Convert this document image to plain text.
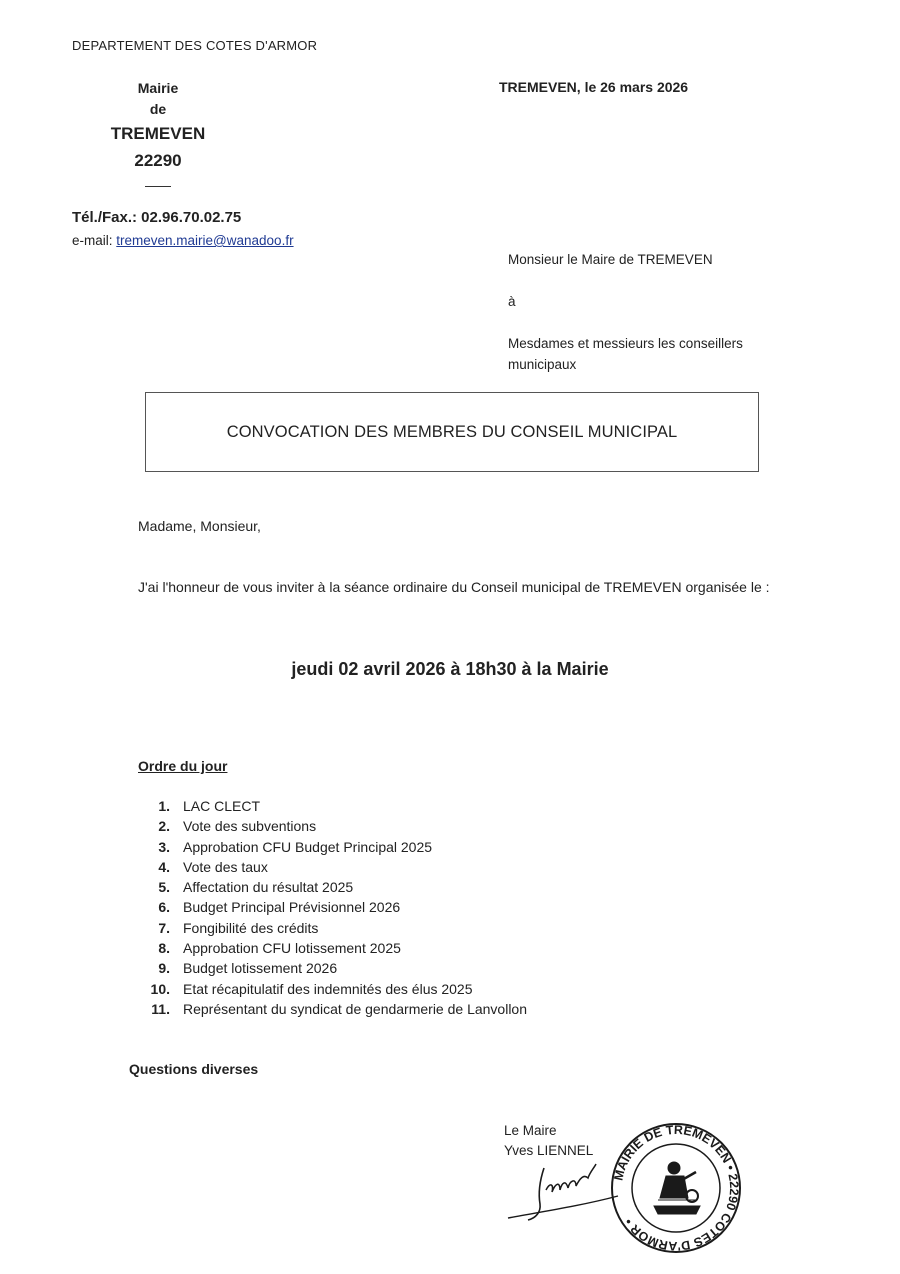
DEPARTEMENT DES COTES D'ARMOR
Mairie
de
TREMEVEN
22290
Tél./Fax.: 02.96.70.02.75
e-mail: tremeven.mairie@wanadoo.fr
TREMEVEN, le 26 mars 2026
Monsieur le Maire de TREMEVEN
à
Mesdames et messieurs les conseillers municipaux
CONVOCATION DES MEMBRES DU CONSEIL MUNICIPAL
Madame, Monsieur,
J'ai l'honneur de vous inviter à la séance ordinaire du Conseil municipal de TREMEVEN organisée le :
jeudi 02 avril 2026 à 18h30 à la Mairie
Ordre du jour
1. LAC CLECT
2. Vote des subventions
3. Approbation CFU Budget Principal 2025
4. Vote des taux
5. Affectation du résultat 2025
6. Budget Principal Prévisionnel 2026
7. Fongibilité des crédits
8. Approbation CFU lotissement 2025
9. Budget lotissement 2026
10. Etat récapitulatif des indemnités des élus 2025
11. Représentant du syndicat de gendarmerie de Lanvollon
Questions diverses
Le Maire
Yves LIENNEL
MAIRIE DE TREMEVEN • 22290 COTES D'ARMOR •
